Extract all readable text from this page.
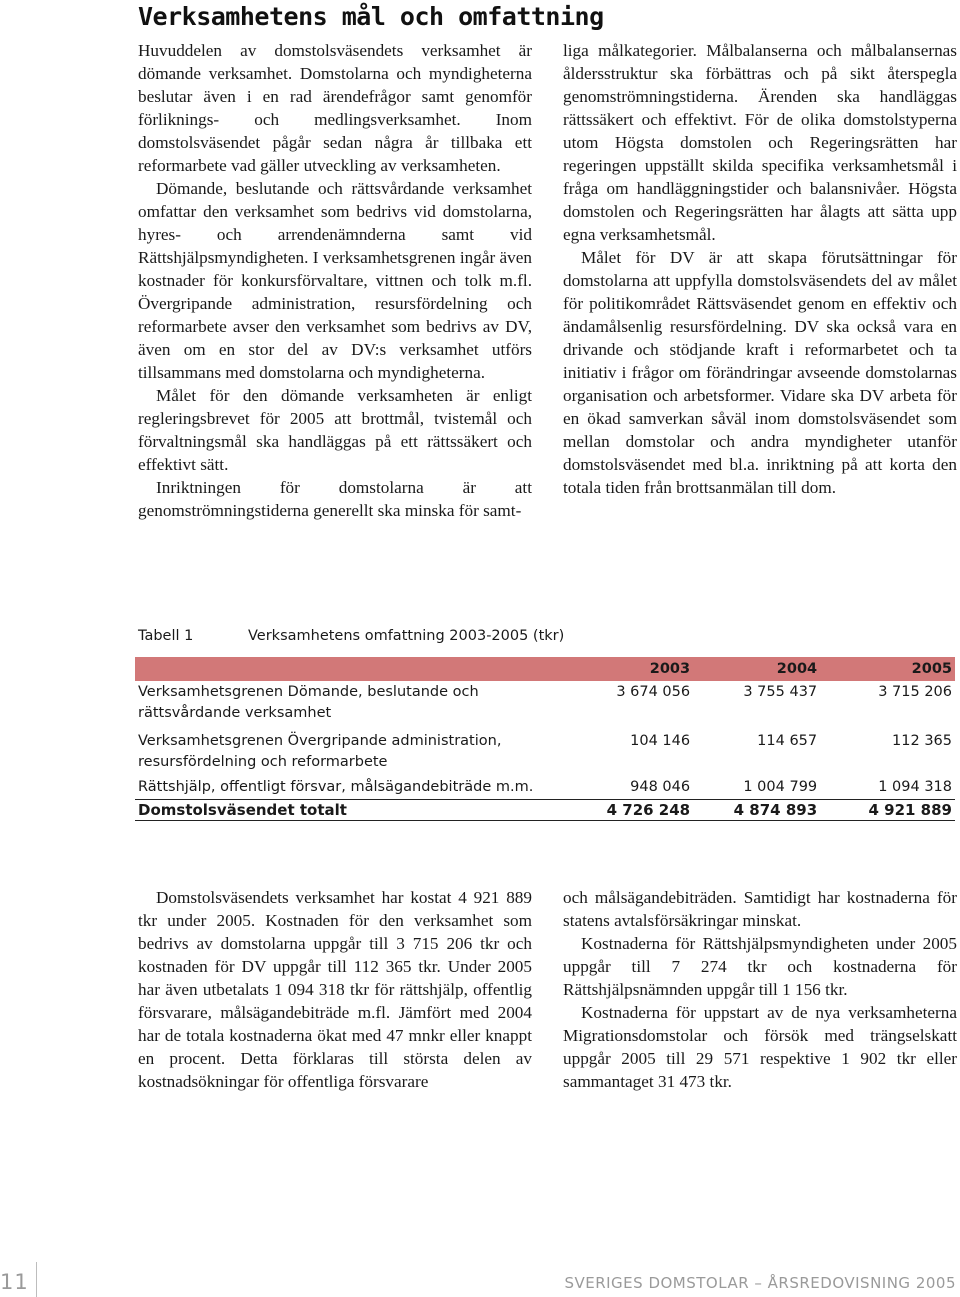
Verksamhetens mål och omfattning

Huvuddelen av domstolsväsendets verksamhet är dömande verksamhet. Domstolarna och myndigheterna beslutar även i en rad ärendefrågor samt genomför förliknings- och medlingsverksamhet. Inom domstolsväsendet pågår sedan några år tillbaka ett reformarbete vad gäller utveckling av verksamheten.

Dömande, beslutande och rättsvårdande verksamhet omfattar den verksamhet som bedrivs vid domstolarna, hyres- och arrendenämnderna samt vid Rättshjälpsmyndigheten. I verksamhetsgrenen ingår även kostnader för konkursförvaltare, vittnen och tolk m.fl. Övergripande administration, resursfördelning och reformarbete avser den verksamhet som bedrivs av DV, även om en stor del av DV:s verksamhet utförs tillsammans med domstolarna och myndigheterna.

Målet för den dömande verksamheten är enligt regleringsbrevet för 2005 att brottmål, tvistemål och förvaltningsmål ska handläggas på ett rättssäkert och effektivt sätt.

Inriktningen för domstolarna är att genomströmningstiderna generellt ska minska för samt-

liga målkategorier. Målbalanserna och målbalansernas åldersstruktur ska förbättras och på sikt återspegla genomströmningstiderna. Ärenden ska handläggas rättssäkert och effektivt. För de olika domstolstyperna utom Högsta domstolen och Regeringsrätten har regeringen uppställt skilda specifika verksamhetsmål i fråga om handläggningstider och balansnivåer. Högsta domstolen och Regeringsrätten har ålagts att sätta upp egna verksamhetsmål.

Målet för DV är att skapa förutsättningar för domstolarna att uppfylla domstolsväsendets del av målet för politikområdet Rättsväsendet genom en effektiv och ändamålsenlig resursfördelning. DV ska också vara en drivande och stödjande kraft i reformarbetet och ta initiativ i frågor om förändringar avseende domstolarnas organisation och arbetsformer. Vidare ska DV arbeta för en ökad samverkan såväl inom domstolsväsendet som mellan domstolar och andra myndigheter utanför domstolsväsendet med bl.a. inriktning på att korta den totala tiden från brottsanmälan till dom.

Tabell 1	Verksamhetens omfattning 2003-2005 (tkr)
2003	2004	2005
Verksamhetsgrenen Dömande, beslutande och rättsvårdande verksamhet
3 674 056	3 755 437	3 715 206
Verksamhetsgrenen Övergripande administration, resursfördelning och reformarbete
104 146	114 657	112 365
Rättshjälp, offentligt försvar, målsägandebiträde m.m.	948 046	1 004 799	1 094 318
Domstolsväsendet totalt	4 726 248	4 874 893	4 921 889

Domstolsväsendets verksamhet har kostat 4 921 889 tkr under 2005. Kostnaden för den verksamhet som bedrivs av domstolarna uppgår till 3 715 206 tkr och kostnaden för DV uppgår till 112 365 tkr. Under 2005 har även utbetalats 1 094 318 tkr för rättshjälp, offentlig försvarare, målsägandebiträde m.fl. Jämfört med 2004 har de totala kostnaderna ökat med 47 mnkr eller knappt en procent. Detta förklaras till största delen av kostnadsökningar för offentliga försvarare

och målsägandebiträden. Samtidigt har kostnaderna för statens avtalsförsäkringar minskat.

Kostnaderna för Rättshjälpsmyndigheten under 2005 uppgår till 7 274 tkr och kostnaderna för Rättshjälpsnämnden uppgår till 1 156 tkr.

Kostnaderna för uppstart av de nya verksamheterna Migrationsdomstolar och försök med trängselskatt uppgår 2005 till 29 571 respektive 1 902 tkr eller sammantaget 31 473 tkr.

11	SVERIGES DOMSTOLAR – ÅRSREDOVISNING 2005
